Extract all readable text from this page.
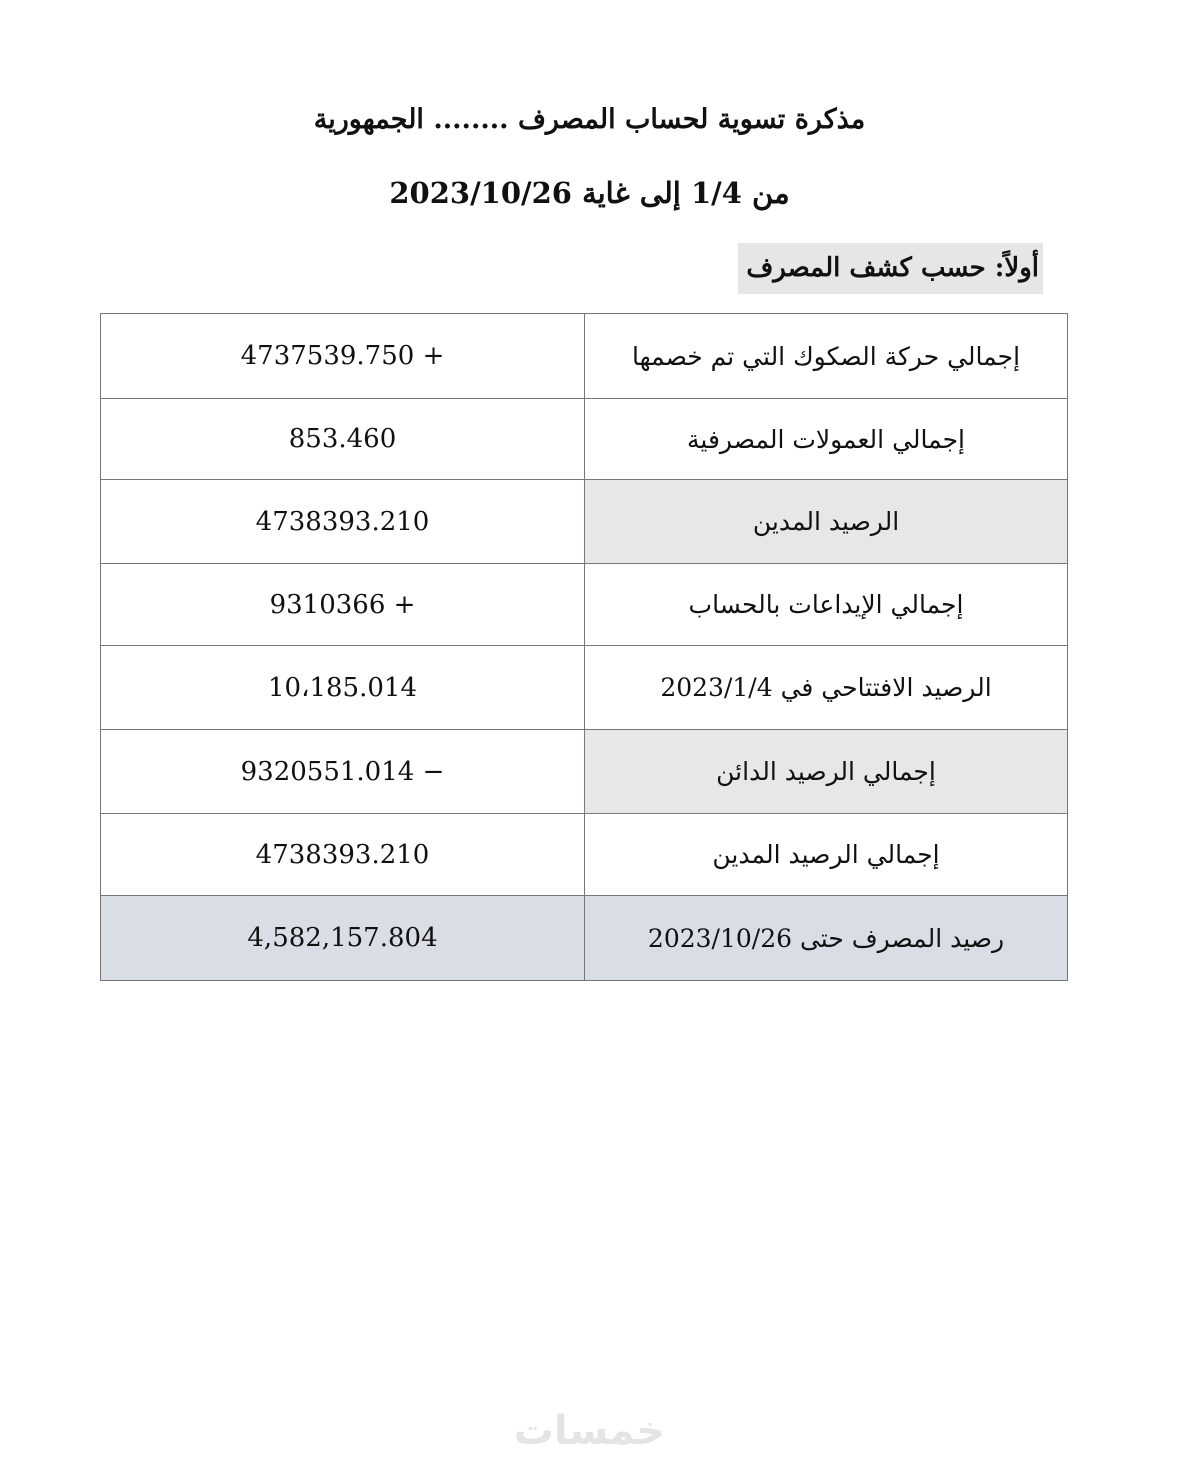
مذكرة تسوية لحساب المصرف ........ الجمهورية
من 1/4 إلى غاية 2023/10/26
أولاً: حسب كشف المصرف
4737539.750 +	إجمالي حركة الصكوك التي تم خصمها
853.460	إجمالي العمولات المصرفية
4738393.210	الرصيد المدين
9310366 +	إجمالي الإيداعات بالحساب
10،185.014	الرصيد الافتتاحي في 2023/1/4
9320551.014 −	إجمالي الرصيد الدائن
4738393.210	إجمالي الرصيد المدين
4,582,157.804	رصيد المصرف حتى 2023/10/26
خمسات
